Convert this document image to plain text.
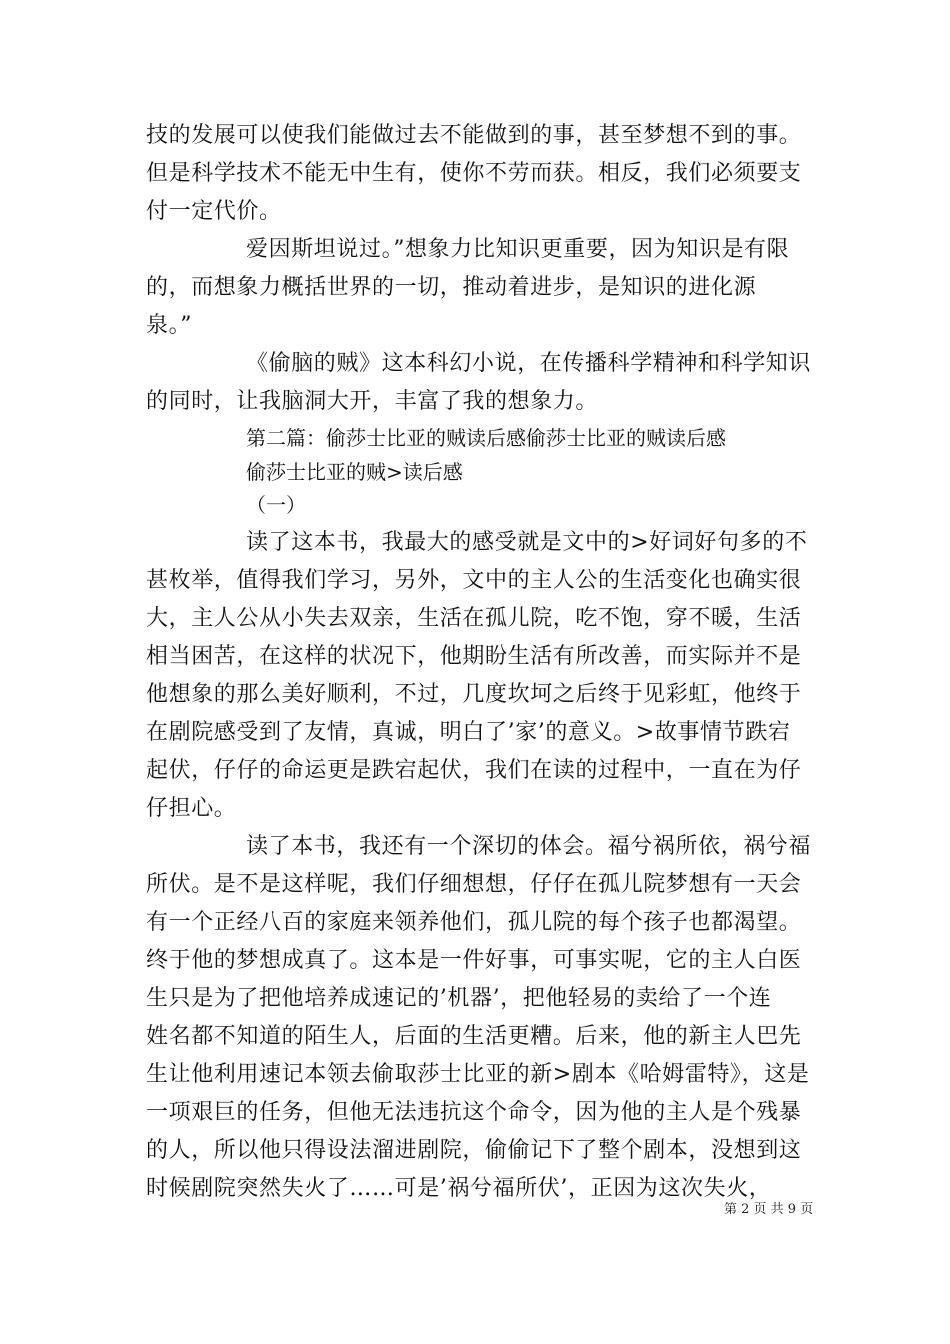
技的发展可以使我们能做过去不能做到的事，甚至梦想不到的事。
但是科学技术不能无中生有，使你不劳而获。相反，我们必须要支
付一定代价。
爱因斯坦说过。”想象力比知识更重要，因为知识是有限
的，而想象力概括世界的一切，推动着进步，是知识的进化源
泉。”
《偷脑的贼》这本科幻小说，在传播科学精神和科学知识
的同时，让我脑洞大开，丰富了我的想象力。
第二篇：偷莎士比亚的贼读后感偷莎士比亚的贼读后感
偷莎士比亚的贼>读后感
（一）
读了这本书，我最大的感受就是文中的>好词好句多的不
甚枚举，值得我们学习，另外，文中的主人公的生活变化也确实很
大，主人公从小失去双亲，生活在孤儿院，吃不饱，穿不暖，生活
相当困苦，在这样的状况下，他期盼生活有所改善，而实际并不是
他想象的那么美好顺利，不过，几度坎坷之后终于见彩虹，他终于
在剧院感受到了友情，真诚，明白了’家’的意义。>故事情节跌宕
起伏，仔仔的命运更是跌宕起伏，我们在读的过程中，一直在为仔
仔担心。
读了本书，我还有一个深切的体会。福兮祸所依，祸兮福
所伏。是不是这样呢，我们仔细想想，仔仔在孤儿院梦想有一天会
有一个正经八百的家庭来领养他们，孤儿院的每个孩子也都渴望。
终于他的梦想成真了。这本是一件好事，可事实呢，它的主人白医
生只是为了把他培养成速记的’机器’，把他轻易的卖给了一个连
姓名都不知道的陌生人，后面的生活更糟。后来，他的新主人巴先
生让他利用速记本领去偷取莎士比亚的新>剧本《哈姆雷特》，这是
一项艰巨的任务，但他无法违抗这个命令，因为他的主人是个残暴
的人，所以他只得设法溜进剧院，偷偷记下了整个剧本，没想到这
时候剧院突然失火了……可是’祸兮福所伏’，正因为这次失火，
第 2 页 共 9 页
